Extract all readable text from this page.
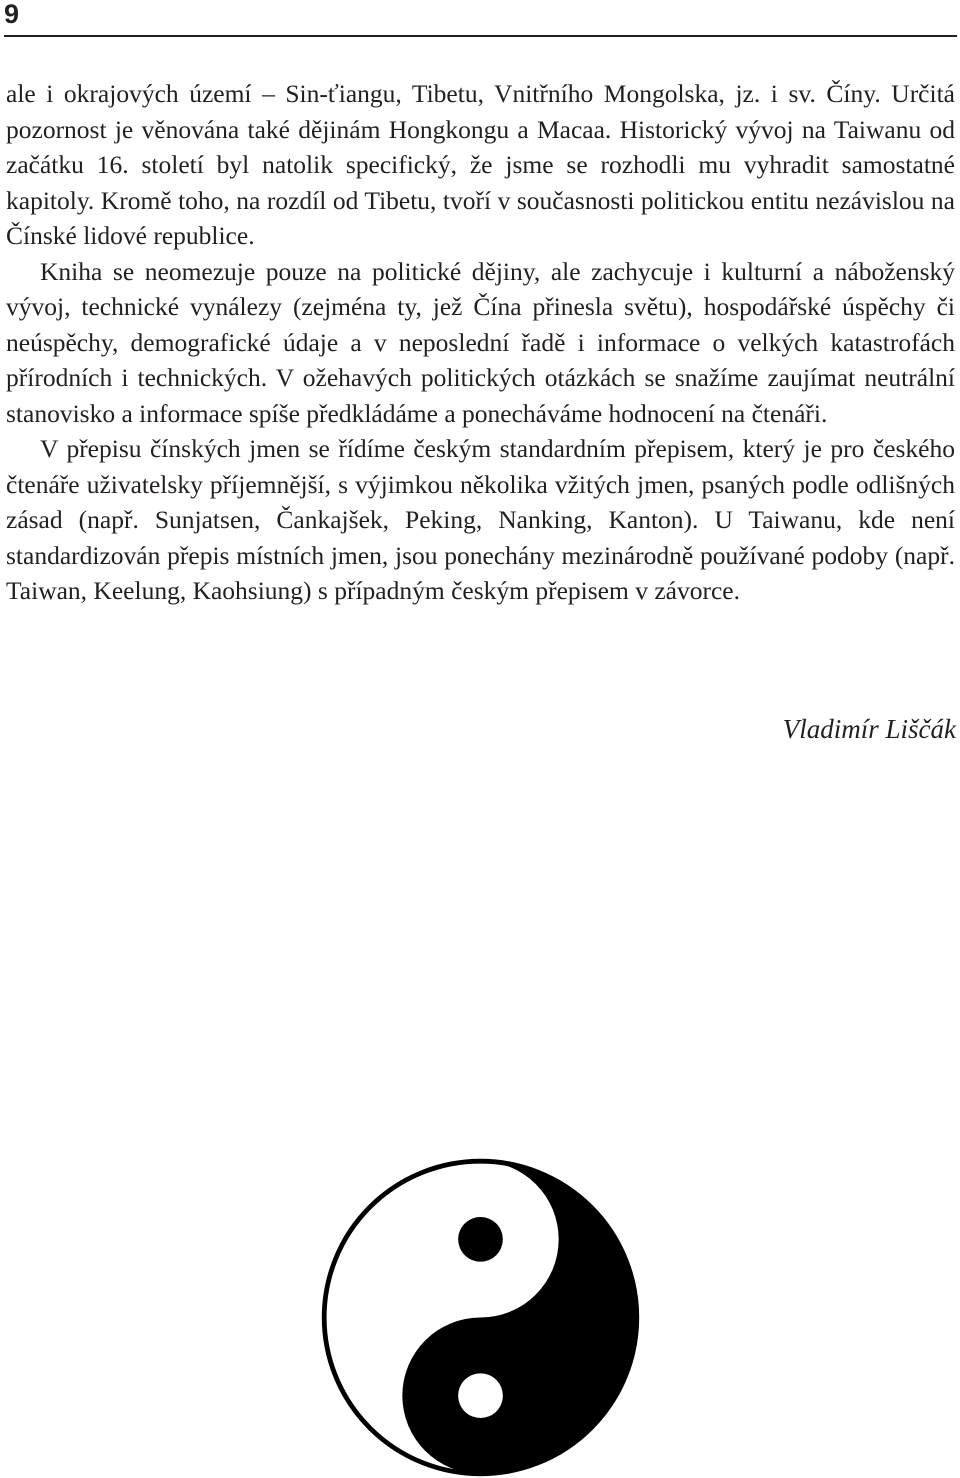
9

ale i okrajových území – Sin-ťiangu, Tibetu, Vnitřního Mongolska, jz. i sv. Číny. Určitá pozornost je věnována také dějinám Hongkongu a Macaa. Historický vývoj na Taiwanu od začátku 16. století byl natolik specifický, že jsme se rozhodli mu vyhradit samostatné kapitoly. Kromě toho, na rozdíl od Tibetu, tvoří v současnosti politickou entitu nezávislou na Čínské lidové republice.

Kniha se neomezuje pouze na politické dějiny, ale zachycuje i kulturní a náboženský vývoj, technické vynálezy (zejména ty, jež Čína přinesla světu), hospodářské úspěchy či neúspěchy, demografické údaje a v neposlední řadě i informace o velkých katastrofách přírodních i technických. V ožehavých politických otázkách se snažíme zaujímat neutrální stanovisko a informace spíše předkládáme a ponecháváme hodnocení na čtenáři.

V přepisu čínských jmen se řídíme českým standardním přepisem, který je pro českého čtenáře uživatelsky příjemnější, s výjimkou několika vžitých jmen, psaných podle odlišných zásad (např. Sunjatsen, Čankajšek, Peking, Nanking, Kanton). U Taiwanu, kde není standardizován přepis místních jmen, jsou ponechány mezinárodně používané podoby (např. Taiwan, Keelung, Kaohsiung) s případným českým přepisem v závorce.

Vladimír Liščák
